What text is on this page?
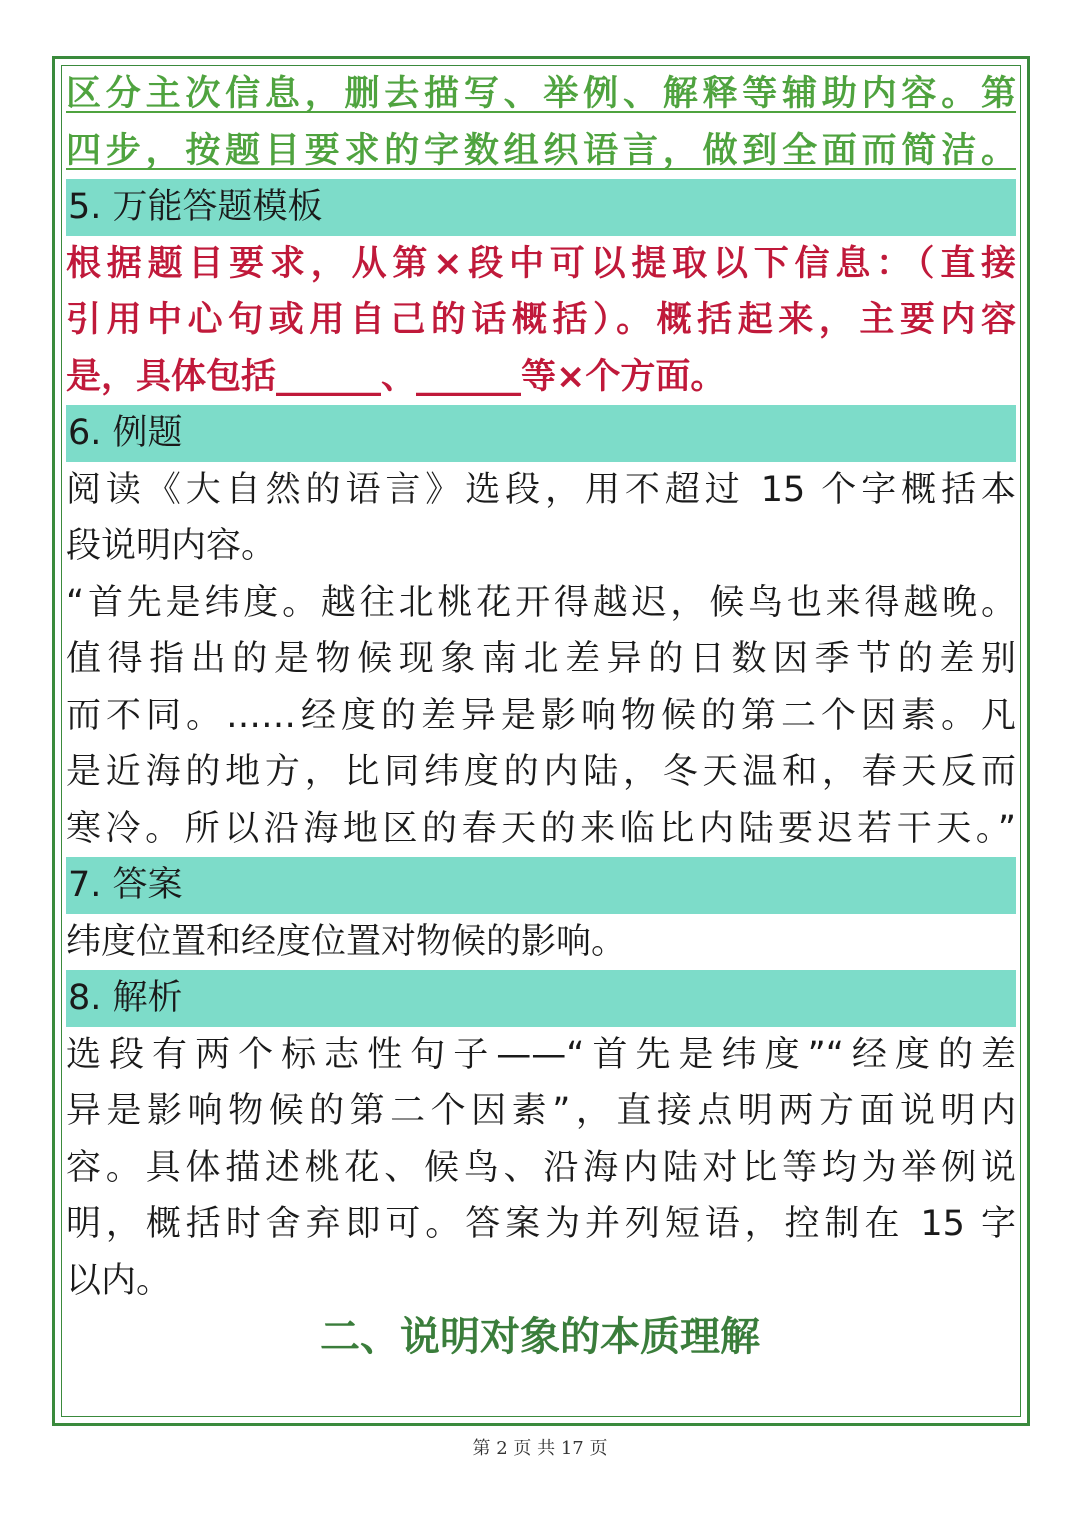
区分主次信息，删去描写、举例、解释等辅助内容。第
四步，按题目要求的字数组织语言，做到全面而简洁。
5. 万能答题模板
根据题目要求，从第×段中可以提取以下信息：（直接
引用中心句或用自己的话概括）。概括起来，主要内容
是，具体包括______、______等×个方面。
6. 例题
阅读《大自然的语言》选段，用不超过 15 个字概括本
段说明内容。
“首先是纬度。越往北桃花开得越迟，候鸟也来得越晚。
值得指出的是物候现象南北差异的日数因季节的差别
而不同。……经度的差异是影响物候的第二个因素。凡
是近海的地方，比同纬度的内陆，冬天温和，春天反而
寒冷。所以沿海地区的春天的来临比内陆要迟若干天。”
7. 答案
纬度位置和经度位置对物候的影响。
8. 解析
选段有两个标志性句子——“首先是纬度”“经度的差
异是影响物候的第二个因素”，直接点明两方面说明内
容。具体描述桃花、候鸟、沿海内陆对比等均为举例说
明，概括时舍弃即可。答案为并列短语，控制在 15 字
以内。
二、说明对象的本质理解
第 2 页 共 17 页
